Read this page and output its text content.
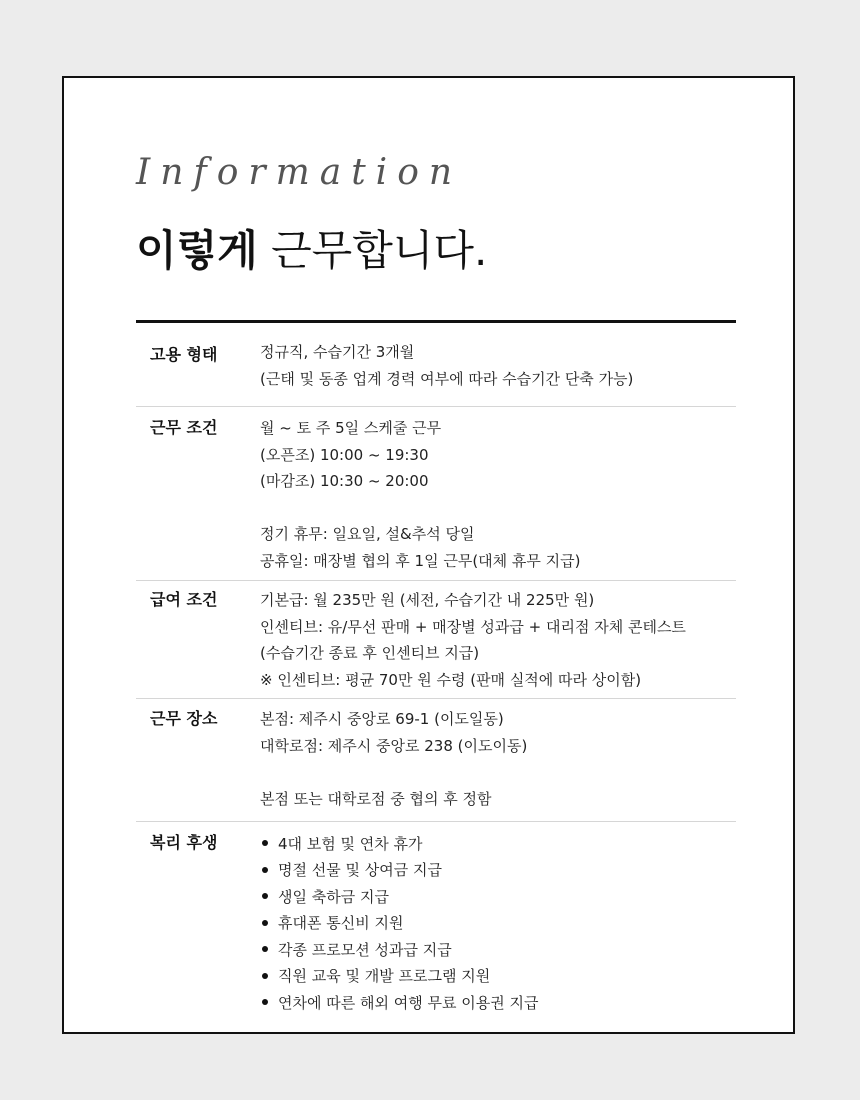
Information
이렇게 근무합니다.
고용 형태	정규직, 수습기간 3개월
(근태 및 동종 업계 경력 여부에 따라 수습기간 단축 가능)
근무 조건	월 ~ 토 주 5일 스케줄 근무
(오픈조) 10:00 ~ 19:30
(마감조) 10:30 ~ 20:00
정기 휴무: 일요일, 설&추석 당일
공휴일: 매장별 협의 후 1일 근무(대체 휴무 지급)
급여 조건	기본급: 월 235만 원 (세전, 수습기간 내 225만 원)
인센티브: 유/무선 판매 + 매장별 성과급 + 대리점 자체 콘테스트
(수습기간 종료 후 인센티브 지급)
※ 인센티브: 평균 70만 원 수령 (판매 실적에 따라 상이함)
근무 장소	본점: 제주시 중앙로 69-1 (이도일동)
대학로점: 제주시 중앙로 238 (이도이동)
본점 또는 대학로점 중 협의 후 정함
복리 후생	4대 보험 및 연차 휴가
명절 선물 및 상여금 지급
생일 축하금 지급
휴대폰 통신비 지원
각종 프로모션 성과급 지급
직원 교육 및 개발 프로그램 지원
연차에 따른 해외 여행 무료 이용권 지급
